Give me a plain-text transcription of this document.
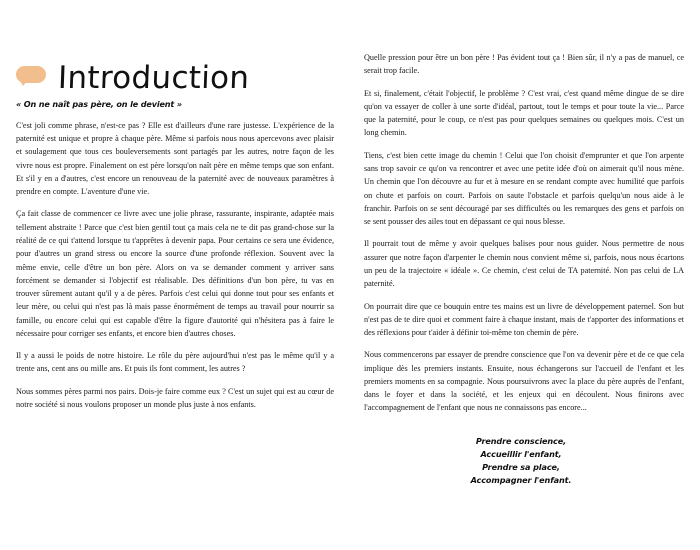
Introduction
« On ne naît pas père, on le devient »

C'est joli comme phrase, n'est-ce pas ? Elle est d'ailleurs d'une rare justesse. L'expérience de la paternité est unique et propre à chaque père. Même si parfois nous nous apercevons avec plaisir et soulagement que tous ces bouleversements sont partagés par les autres, notre façon de les vivre nous est propre. Finalement on est père lorsqu'on naît père en même temps que son enfant. Et s'il y en a d'autres, c'est encore un renouveau de la paternité avec de nouveaux paramètres à prendre en compte. L'aventure d'une vie.

Ça fait classe de commencer ce livre avec une jolie phrase, rassurante, inspirante, adaptée mais tellement abstraite ! Parce que c'est bien gentil tout ça mais cela ne te dit pas grand-chose sur la réalité de ce qui t'attend lorsque tu t'apprêtes à devenir papa. Pour certains ce sera une évidence, pour d'autres un grand stress ou encore la source d'une profonde réflexion. Souvent avec la même envie, celle d'être un bon père. Alors on va se demander comment y arriver sans forcément se demander si l'objectif est réalisable. Des définitions d'un bon père, tu vas en trouver sûrement autant qu'il y a de pères. Parfois c'est celui qui donne tout pour ses enfants et leur mère, ou celui qui n'est pas là mais passe énormément de temps au travail pour nourrir sa famille, ou encore celui qui est capable d'être la figure d'autorité qui n'hésitera pas à faire le nécessaire pour corriger ses enfants, et encore bien d'autres choses.

Il y a aussi le poids de notre histoire. Le rôle du père aujourd'hui n'est pas le même qu'il y a trente ans, cent ans ou mille ans. Et puis ils font comment, les autres ?

Nous sommes pères parmi nos pairs. Dois-je faire comme eux ? C'est un sujet qui est au cœur de notre société si nous voulons proposer un monde plus juste à nos enfants.

Quelle pression pour être un bon père ! Pas évident tout ça ! Bien sûr, il n'y a pas de manuel, ce serait trop facile.

Et si, finalement, c'était l'objectif, le problème ? C'est vrai, c'est quand même dingue de se dire qu'on va essayer de coller à une sorte d'idéal, partout, tout le temps et pour toute la vie... Parce que la paternité, pour le coup, ce n'est pas pour quelques semaines ou quelques mois. C'est un long chemin.

Tiens, c'est bien cette image du chemin ! Celui que l'on choisit d'emprunter et que l'on arpente sans trop savoir ce qu'on va rencontrer et avec une petite idée d'où on aimerait qu'il nous mène. Un chemin que l'on découvre au fur et à mesure en se rendant compte avec humilité que parfois on chute et parfois on court. Parfois on saute l'obstacle et parfois quelqu'un nous aide à le franchir. Parfois on se sent découragé par ses difficultés ou les remarques des gens et parfois on se sent pousser des ailes tout en dépassant ce qui nous blesse.

Il pourrait tout de même y avoir quelques balises pour nous guider. Nous permettre de nous assurer que notre façon d'arpenter le chemin nous convient même si, parfois, nous nous écartons un peu de la trajectoire « idéale ». Ce chemin, c'est celui de TA paternité. Non pas celui de LA paternité.

On pourrait dire que ce bouquin entre tes mains est un livre de développement paternel. Son but n'est pas de te dire quoi et comment faire à chaque instant, mais de t'apporter des informations et des réflexions pour t'aider à définir toi-même ton chemin de père.

Nous commencerons par essayer de prendre conscience que l'on va devenir père et de ce que cela implique dès les premiers instants. Ensuite, nous échangerons sur l'accueil de l'enfant et les premiers moments en sa compagnie. Nous poursuivrons avec la place du père auprès de l'enfant, dans le foyer et dans la société, et les enjeux qui en découlent. Nous finirons avec l'accompagnement de l'enfant que nous ne connaissons pas encore...

Prendre conscience,
Accueillir l'enfant,
Prendre sa place,
Accompagner l'enfant.
